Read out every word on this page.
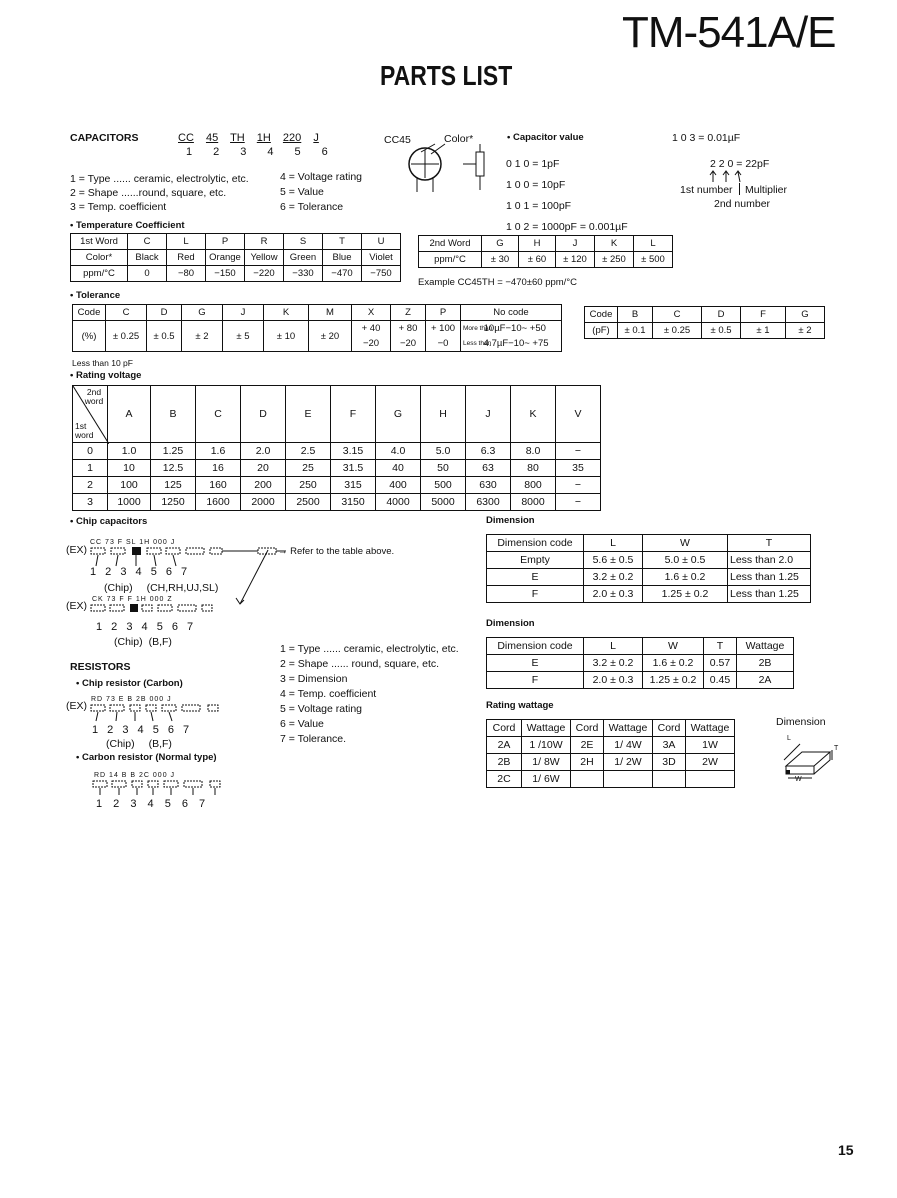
TM-541A/E
PARTS LIST
CAPACITORS	CC 45 TH 1H 220 J
1 2 3 4 5 6
1 = Type ...... ceramic, electrolytic, etc.
2 = Shape ......round, square, etc.
3 = Temp. coefficient
4 = Voltage rating
5 = Value
6 = Tolerance
CC45	Color*	• Capacitor value
0 1 0 = 1pF
1 0 0 = 10pF
1 0 1 = 100pF
1 0 2 = 1000pF = 0.001µF
1 0 3 = 0.01µF
2 2 0 = 22pF
1st number Multiplier
2nd number
• Temperature Coefficient
1st Word	C	L	P	R	S	T	U
Color*	Black	Red	Orange	Yellow	Green	Blue	Violet
ppm/°C	0	−80	−150	−220	−330	−470	−750
2nd Word	G	H	J	K	L
ppm/°C	± 30	± 60	± 120	± 250	± 500
Example CC45TH = −470±60 ppm/°C
• Tolerance
Code	C	D	G	J	K	M	X	Z	P	No code
(%)	± 0.25	± 0.5	± 2	± 5	± 10	± 20	+ 40	+ 80	+ 100	More than 10µF−10~ +50
							−20	−20	−0	Less than 4.7µF−10~ +75
Code	B	C	D	F	G
(pF)	± 0.1	± 0.25	± 0.5	± 1	± 2
Less than 10 pF
• Rating voltage
2nd word
1st word	A	B	C	D	E	F	G	H	J	K	V
0	1.0	1.25	1.6	2.0	2.5	3.15	4.0	5.0	6.3	8.0	−
1	10	12.5	16	20	25	31.5	40	50	63	80	35
2	100	125	160	200	250	315	400	500	630	800	−
3	1000	1250	1600	2000	2500	3150	4000	5000	6300	8000	−
• Chip capacitors
(EX)
CC 73 F SL 1H 000 J
→ Refer to the table above.
1 2 3 4 5 6 7
(Chip) (CH,RH,UJ,SL)
(EX)
CK 73 F F 1H 000 Z
1 2 3 4 5 6 7
(Chip) (B,F)
Dimension
Dimension code	L	W	T
Empty	5.6 ± 0.5	5.0 ± 0.5	Less than 2.0
E	3.2 ± 0.2	1.6 ± 0.2	Less than 1.25
F	2.0 ± 0.3	1.25 ± 0.2	Less than 1.25
Dimension
Dimension code	L	W	T	Wattage
E	3.2 ± 0.2	1.6 ± 0.2	0.57	2B
F	2.0 ± 0.3	1.25 ± 0.2	0.45	2A
1 = Type ...... ceramic, electrolytic, etc.
2 = Shape ...... round, square, etc.
3 = Dimension
4 = Temp. coefficient
5 = Voltage rating
6 = Value
7 = Tolerance.
RESISTORS
• Chip resistor (Carbon)
(EX)
RD 73 E B 2B 000 J
1 2 3 4 5 6 7
(Chip) (B,F)
• Carbon resistor (Normal type)
RD 14 B B 2C 000 J
1 2 3 4 5 6 7
Rating wattage
Cord	Wattage	Cord	Wattage	Cord	Wattage
2A	1 /10W	2E	1/ 4W	3A	1W
2B	1/ 8W	2H	1/ 2W	3D	2W
2C	1/ 6W				
Dimension
L
T
W
15
